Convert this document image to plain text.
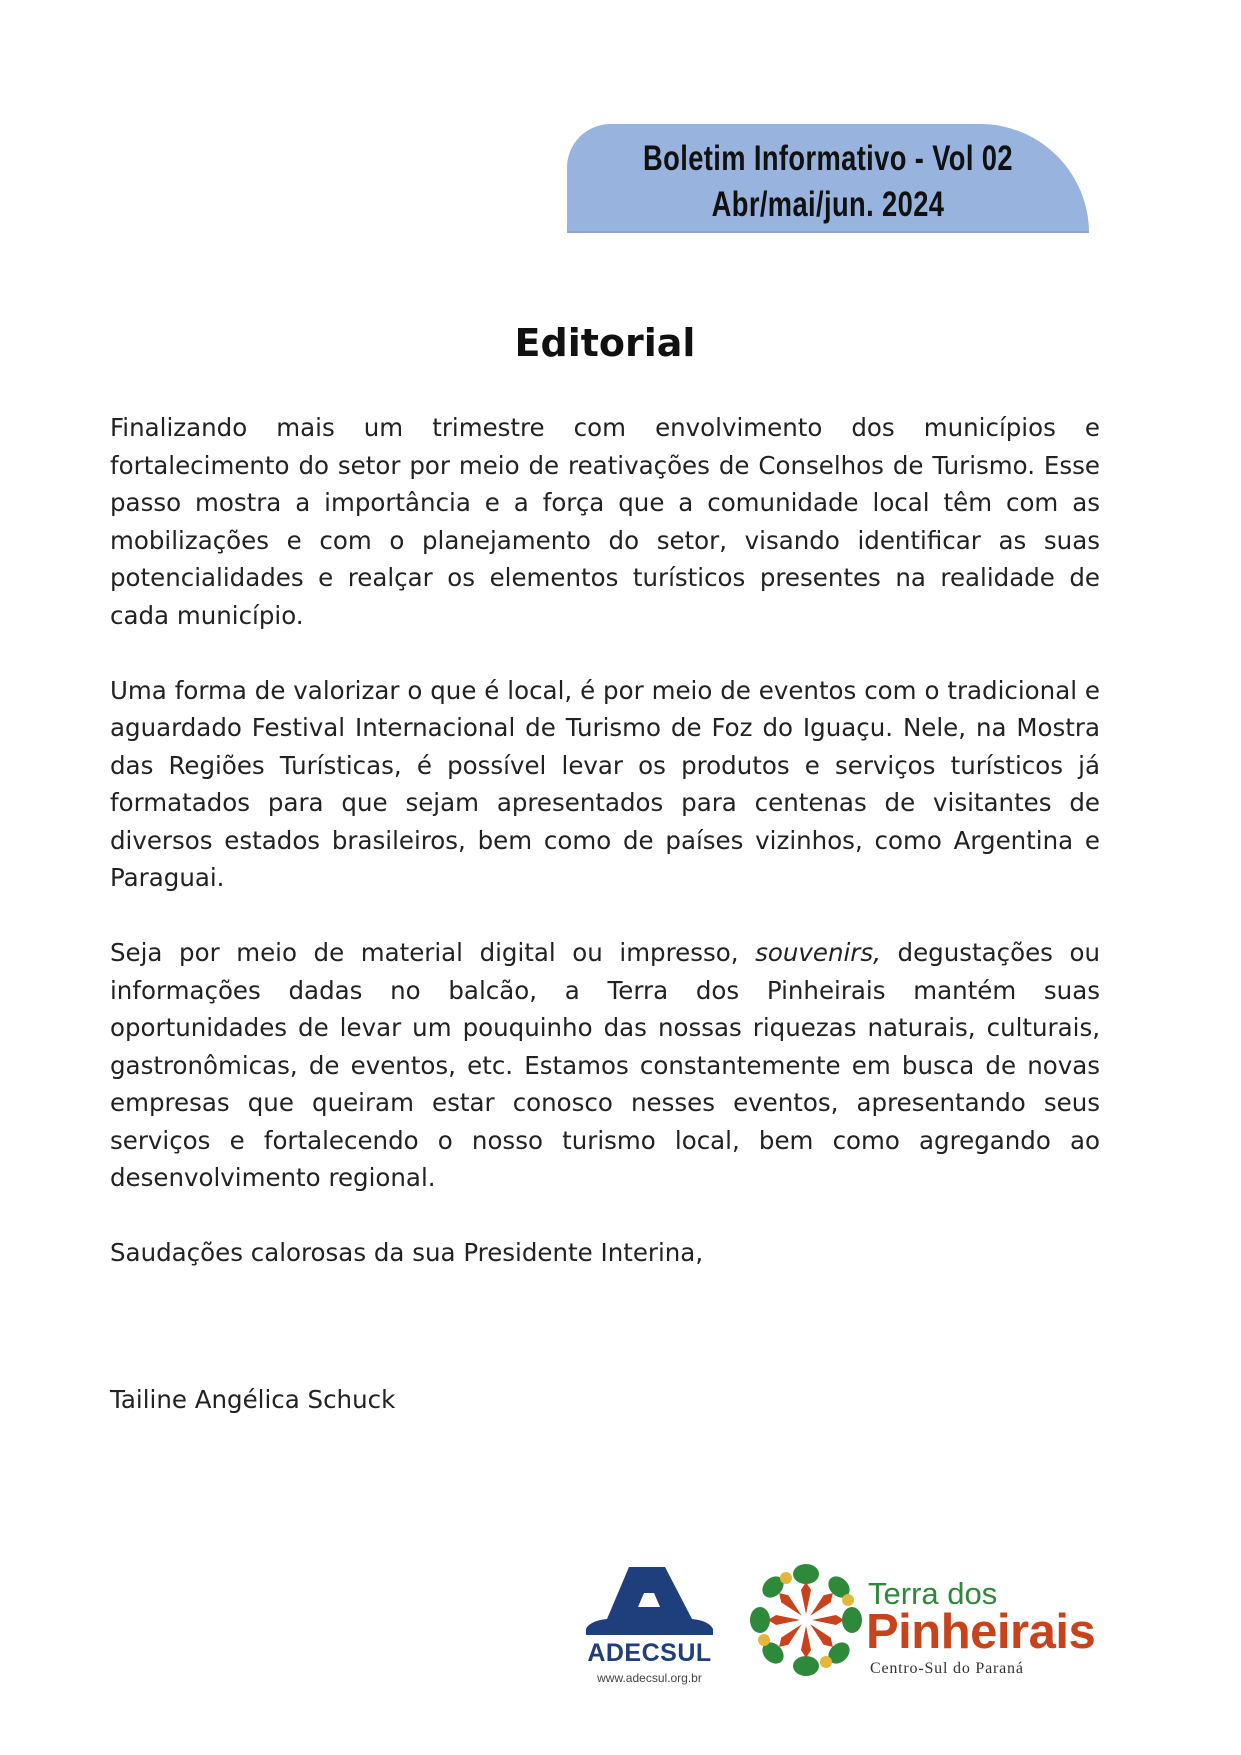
Boletim Informativo - Vol 02
Abr/mai/jun. 2024
Editorial

Finalizando mais um trimestre com envolvimento dos municípios e fortalecimento do setor por meio de reativações de Conselhos de Turismo. Esse passo mostra a importância e a força que a comunidade local têm com as mobilizações e com o planejamento do setor, visando identificar as suas potencialidades e realçar os elementos turísticos presentes na realidade de cada município.

Uma forma de valorizar o que é local, é por meio de eventos com o tradicional e aguardado Festival Internacional de Turismo de Foz do Iguaçu. Nele, na Mostra das Regiões Turísticas, é possível levar os produtos e serviços turísticos já formatados para que sejam apresentados para centenas de visitantes de diversos estados brasileiros, bem como de países vizinhos, como Argentina e Paraguai.

Seja por meio de material digital ou impresso, souvenirs, degustações ou informações dadas no balcão, a Terra dos Pinheirais mantém suas oportunidades de levar um pouquinho das nossas riquezas naturais, culturais, gastronômicas, de eventos, etc. Estamos constantemente em busca de novas empresas que queiram estar conosco nesses eventos, apresentando seus serviços e fortalecendo o nosso turismo local, bem como agregando ao desenvolvimento regional.

Saudações calorosas da sua Presidente Interina,

Tailine Angélica Schuck
ADECSUL
www.adecsul.org.br
Terra dos
Pinheirais
Centro-Sul do Paraná
